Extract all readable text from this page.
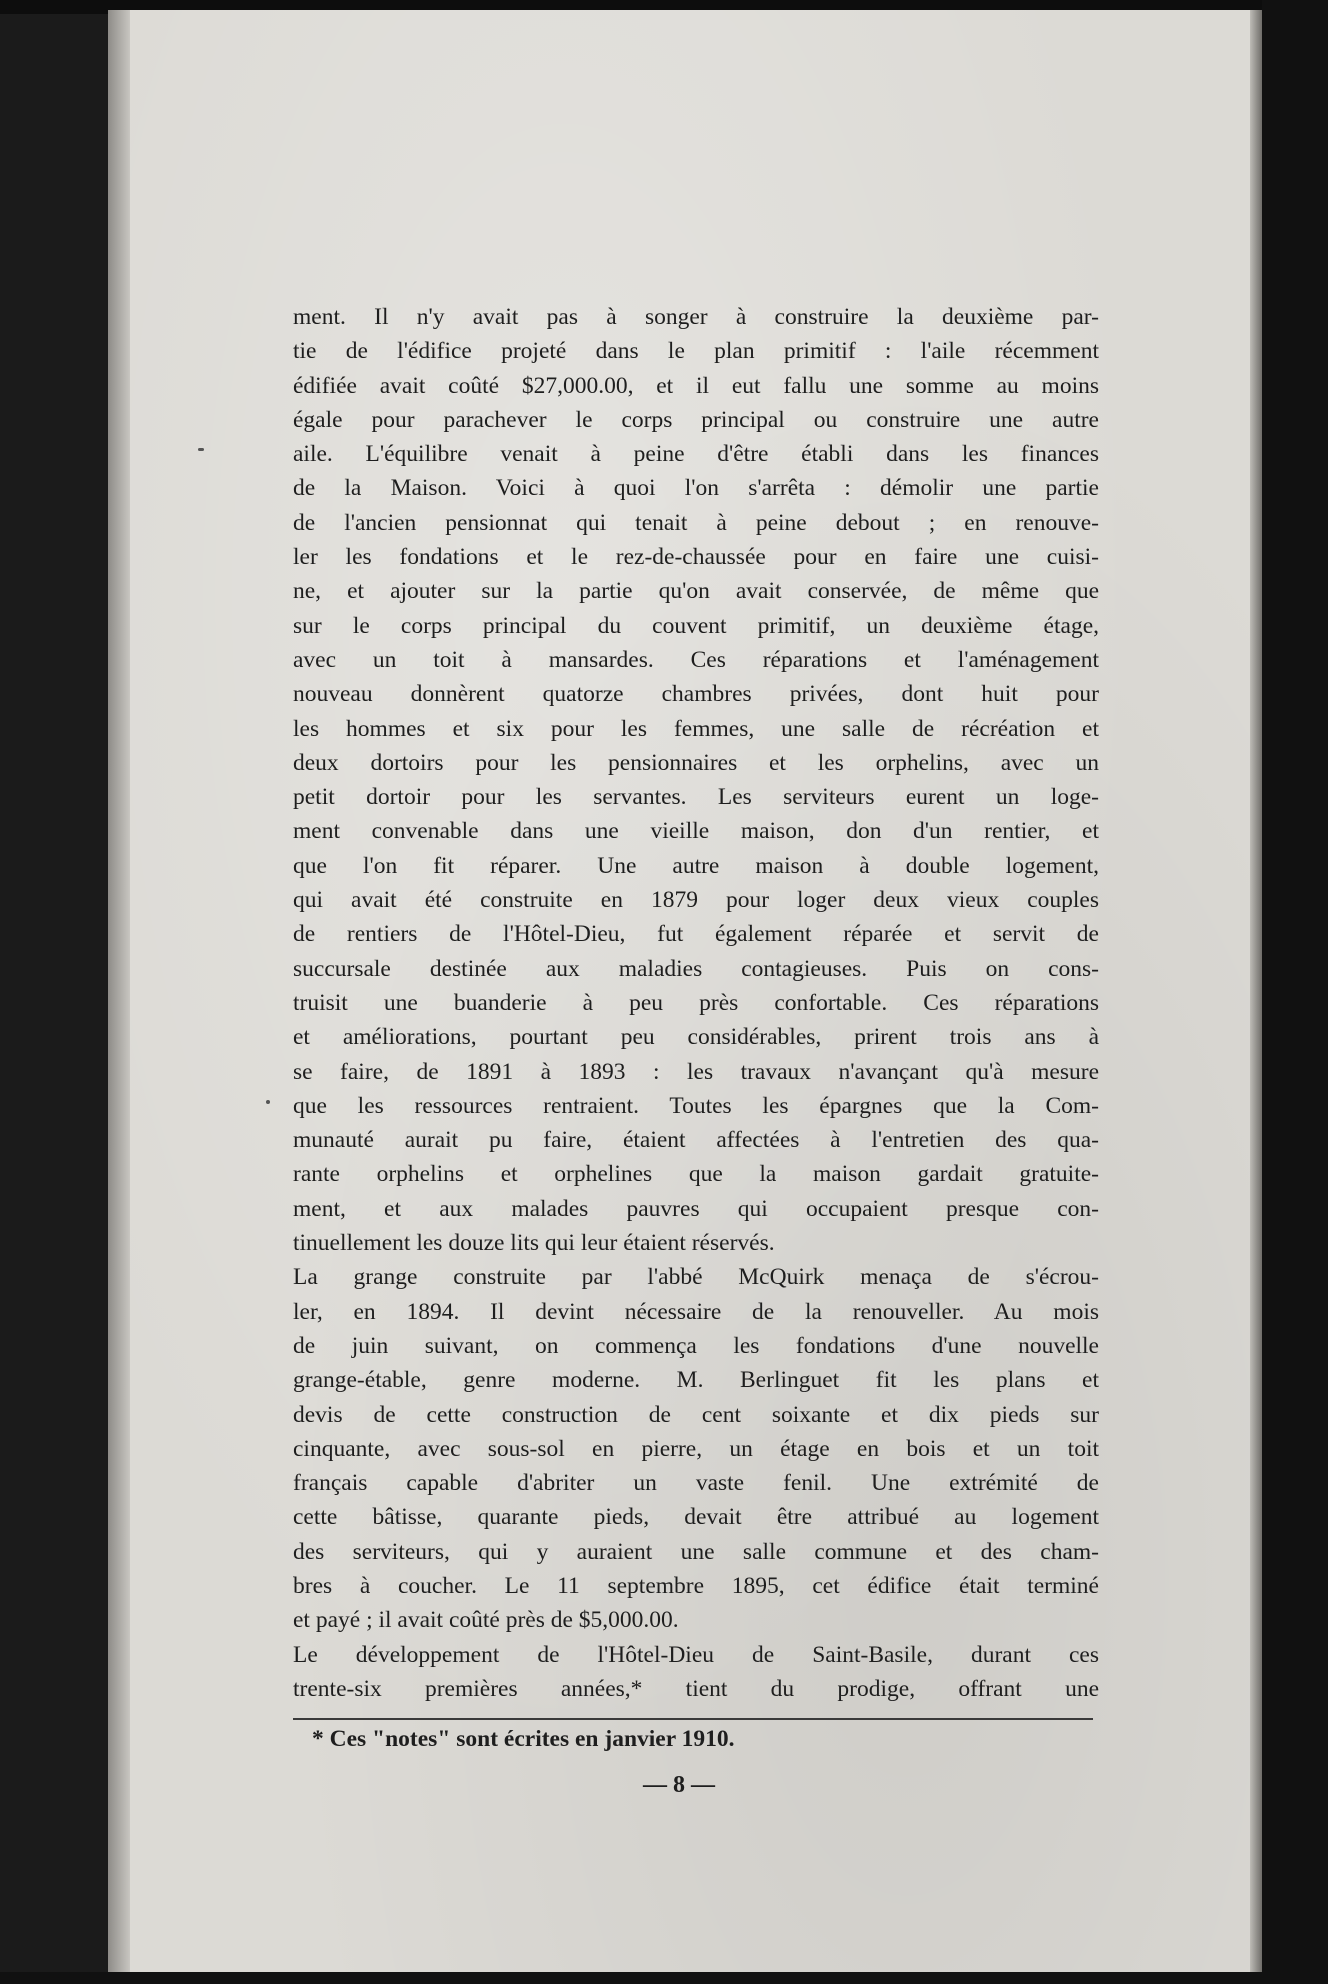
ment. Il n'y avait pas à songer à construire la deuxième par-
tie de l'édifice projeté dans le plan primitif : l'aile récemment
édifiée avait coûté $27,000.00, et il eut fallu une somme au moins
égale pour parachever le corps principal ou construire une autre
aile. L'équilibre venait à peine d'être établi dans les finances
de la Maison. Voici à quoi l'on s'arrêta : démolir une partie
de l'ancien pensionnat qui tenait à peine debout ; en renouve-
ler les fondations et le rez-de-chaussée pour en faire une cuisi-
ne, et ajouter sur la partie qu'on avait conservée, de même que
sur le corps principal du couvent primitif, un deuxième étage,
avec un toit à mansardes. Ces réparations et l'aménagement
nouveau donnèrent quatorze chambres privées, dont huit pour
les hommes et six pour les femmes, une salle de récréation et
deux dortoirs pour les pensionnaires et les orphelins, avec un
petit dortoir pour les servantes. Les serviteurs eurent un loge-
ment convenable dans une vieille maison, don d'un rentier, et
que l'on fit réparer. Une autre maison à double logement,
qui avait été construite en 1879 pour loger deux vieux couples
de rentiers de l'Hôtel-Dieu, fut également réparée et servit de
succursale destinée aux maladies contagieuses. Puis on cons-
truisit une buanderie à peu près confortable. Ces réparations
et améliorations, pourtant peu considérables, prirent trois ans à
se faire, de 1891 à 1893 : les travaux n'avançant qu'à mesure
que les ressources rentraient. Toutes les épargnes que la Com-
munauté aurait pu faire, étaient affectées à l'entretien des qua-
rante orphelins et orphelines que la maison gardait gratuite-
ment, et aux malades pauvres qui occupaient presque con-
tinuellement les douze lits qui leur étaient réservés.
La grange construite par l'abbé McQuirk menaça de s'écrou-
ler, en 1894. Il devint nécessaire de la renouveller. Au mois
de juin suivant, on commença les fondations d'une nouvelle
grange-étable, genre moderne. M. Berlinguet fit les plans et
devis de cette construction de cent soixante et dix pieds sur
cinquante, avec sous-sol en pierre, un étage en bois et un toit
français capable d'abriter un vaste fenil. Une extrémité de
cette bâtisse, quarante pieds, devait être attribué au logement
des serviteurs, qui y auraient une salle commune et des cham-
bres à coucher. Le 11 septembre 1895, cet édifice était terminé
et payé ; il avait coûté près de $5,000.00.
Le développement de l'Hôtel-Dieu de Saint-Basile, durant ces
trente-six premières années,* tient du prodige, offrant une
* Ces "notes" sont écrites en janvier 1910.
— 8 —
